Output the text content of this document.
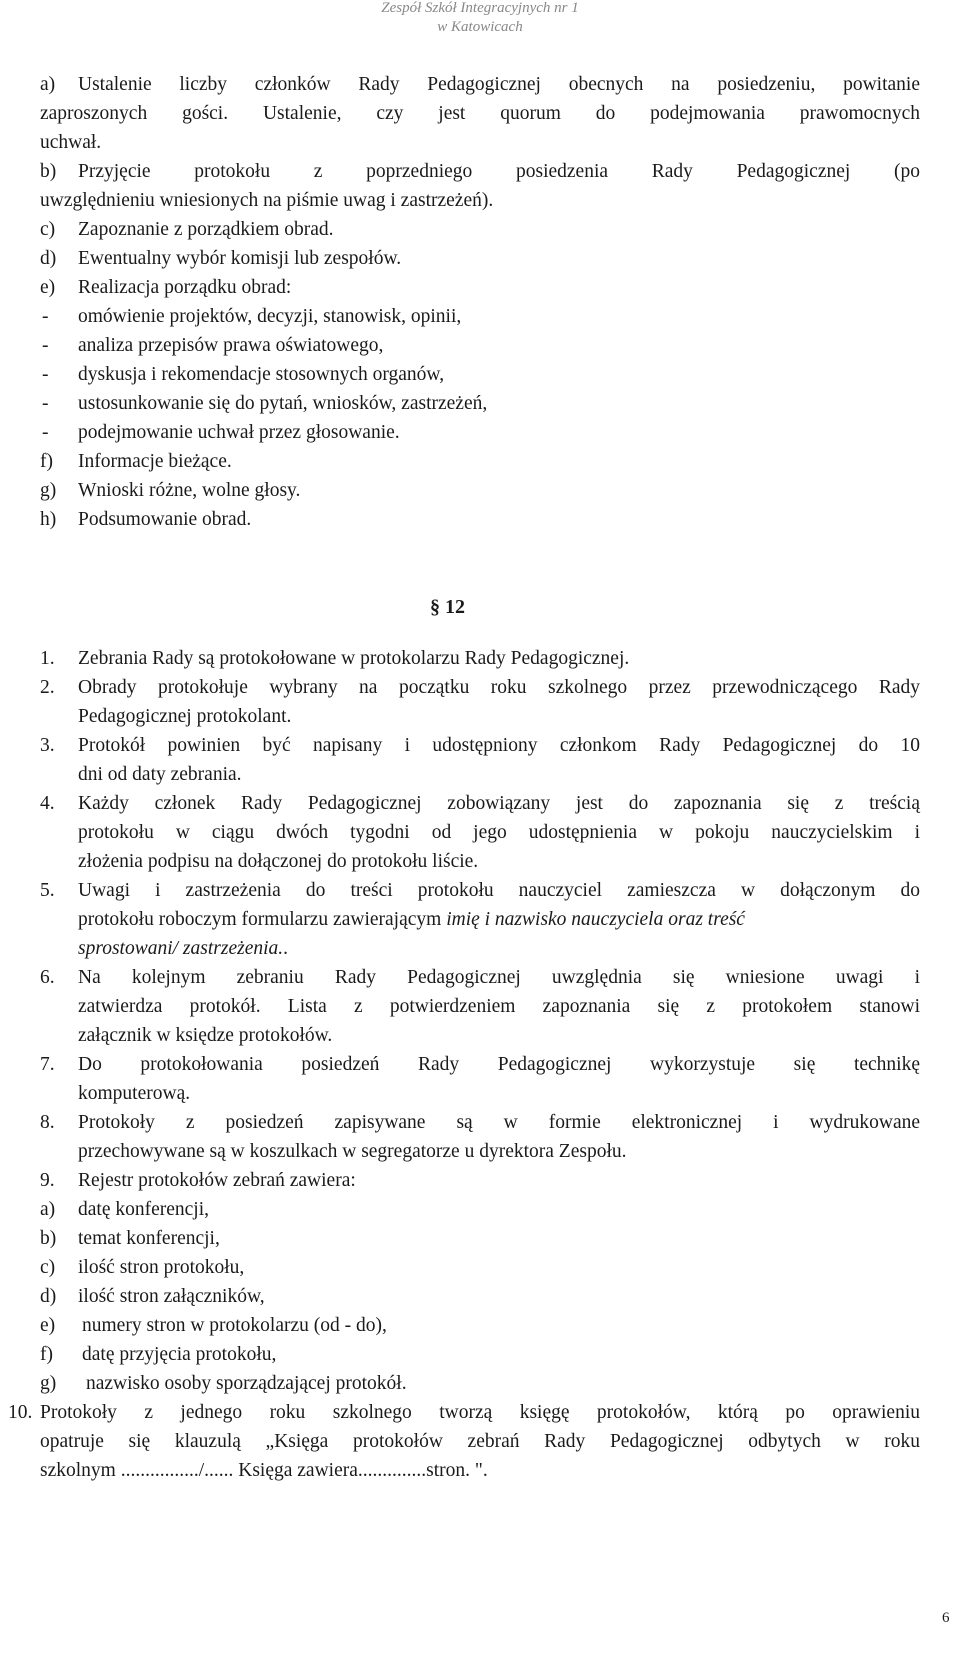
Zespół Szkół Integracyjnych nr 1
w Katowicach
a) Ustalenie liczby członków Rady Pedagogicznej obecnych na posiedzeniu, powitanie
zaproszonych gości. Ustalenie, czy jest quorum do podejmowania prawomocnych
uchwał.
b) Przyjęcie protokołu z poprzedniego posiedzenia Rady Pedagogicznej (po
uwzględnieniu wniesionych na piśmie uwag i zastrzeżeń).
c) Zapoznanie z porządkiem obrad.
d) Ewentualny wybór komisji lub zespołów.
e) Realizacja porządku obrad:
- omówienie projektów, decyzji, stanowisk, opinii,
- analiza przepisów prawa oświatowego,
- dyskusja i rekomendacje stosownych organów,
- ustosunkowanie się do pytań, wniosków, zastrzeżeń,
- podejmowanie uchwał przez głosowanie.
f) Informacje bieżące.
g) Wnioski różne, wolne głosy.
h) Podsumowanie obrad.
§ 12
1. Zebrania Rady są protokołowane w protokolarzu Rady Pedagogicznej.
2. Obrady protokołuje wybrany na początku roku szkolnego przez przewodniczącego Rady
Pedagogicznej protokolant.
3. Protokół powinien być napisany i udostępniony członkom Rady Pedagogicznej do 10
dni od daty zebrania.
4. Każdy członek Rady Pedagogicznej zobowiązany jest do zapoznania się z treścią
protokołu w ciągu dwóch tygodni od jego udostępnienia w pokoju nauczycielskim i
złożenia podpisu na dołączonej do protokołu liście.
5. Uwagi i zastrzeżenia do treści protokołu nauczyciel zamieszcza w dołączonym do
protokołu roboczym formularzu zawierającym imię i nazwisko nauczyciela oraz treść
sprostowani/ zastrzeżenia..
6. Na kolejnym zebraniu Rady Pedagogicznej uwzględnia się wniesione uwagi i
zatwierdza protokół. Lista z potwierdzeniem zapoznania się z protokołem stanowi
załącznik w księdze protokołów.
7. Do protokołowania posiedzeń Rady Pedagogicznej wykorzystuje się technikę
komputerową.
8. Protokoły z posiedzeń zapisywane są w formie elektronicznej i wydrukowane
przechowywane są w koszulkach w segregatorze u dyrektora Zespołu.
9. Rejestr protokołów zebrań zawiera:
a) datę konferencji,
b) temat konferencji,
c) ilość stron protokołu,
d) ilość stron załączników,
e) numery stron w protokolarzu (od - do),
f) datę przyjęcia protokołu,
g) nazwisko osoby sporządzającej protokół.
10. Protokoły z jednego roku szkolnego tworzą księgę protokołów, którą po oprawieniu
opatruje się klauzulą „Księga protokołów zebrań Rady Pedagogicznej odbytych w roku
szkolnym ................/...... Księga zawiera..............stron. ".
6
